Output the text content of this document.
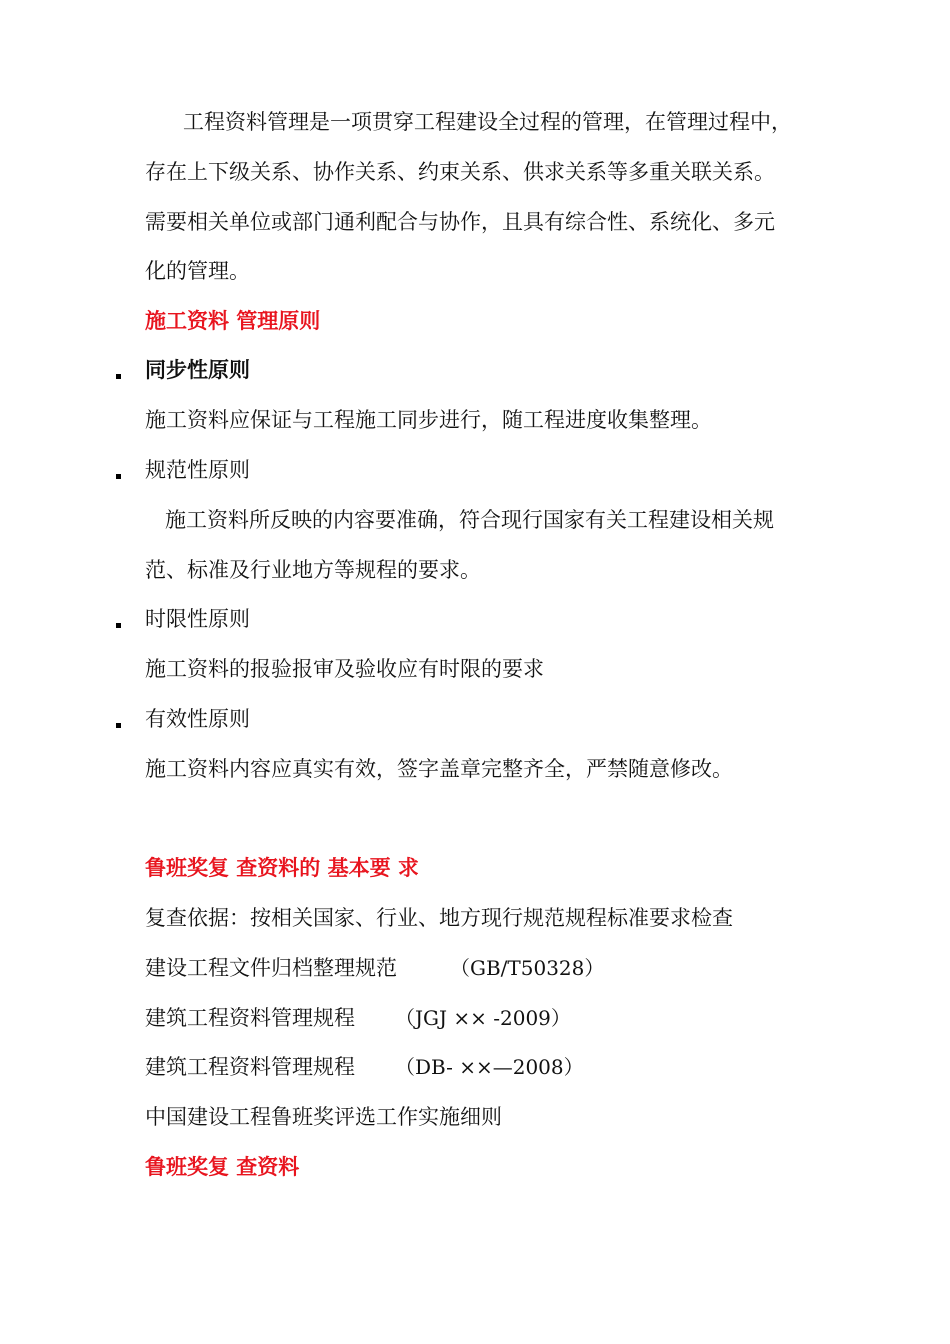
工程资料管理是一项贯穿工程建设全过程的管理，在管理过程中，
存在上下级关系、协作关系、约束关系、供求关系等多重关联关系。
需要相关单位或部门通利配合与协作，且具有综合性、系统化、多元
化的管理。
施工资料 管理原则
同步性原则
施工资料应保证与工程施工同步进行，随工程进度收集整理。
规范性原则
施工资料所反映的内容要准确，符合现行国家有关工程建设相关规
范、标准及行业地方等规程的要求。
时限性原则
施工资料的报验报审及验收应有时限的要求
有效性原则
施工资料内容应真实有效，签字盖章完整齐全，严禁随意修改。
鲁班奖复 查资料的 基本要 求
复查依据：按相关国家、行业、地方现行规范规程标准要求检查
建设工程文件归档整理规范	（GB/T50328）
建筑工程资料管理规程 （JGJ ×× -2009）
建筑工程资料管理规程 （DB- ××—2008）
中国建设工程鲁班奖评选工作实施细则
鲁班奖复 查资料
